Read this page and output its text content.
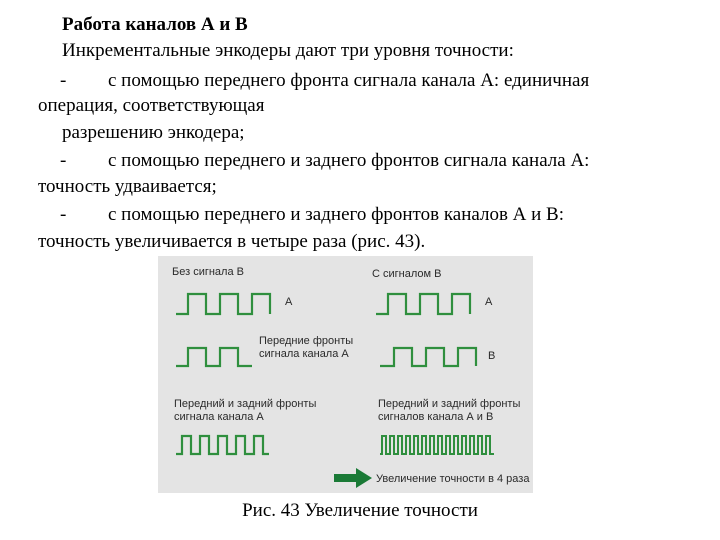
Работа каналов А и В
Инкрементальные энкодеры дают три уровня точности:
- с помощью переднего фронта сигнала канала А: единичная
операция, соответствующая
разрешению энкодера;
- с помощью переднего и заднего фронтов сигнала канала А:
точность удваивается;
- с помощью переднего и заднего фронтов каналов А и В:
точность увеличивается в четыре раза (рис. 43).
Без сигнала В	С сигналом В
А	А
Передние фронты
сигнала канала А	В
Передний и задний фронты
сигнала канала А
Передний и задний фронты
сигналов канала А и В
Увеличение точности в 4 раза
Рис. 43 Увеличение точности
